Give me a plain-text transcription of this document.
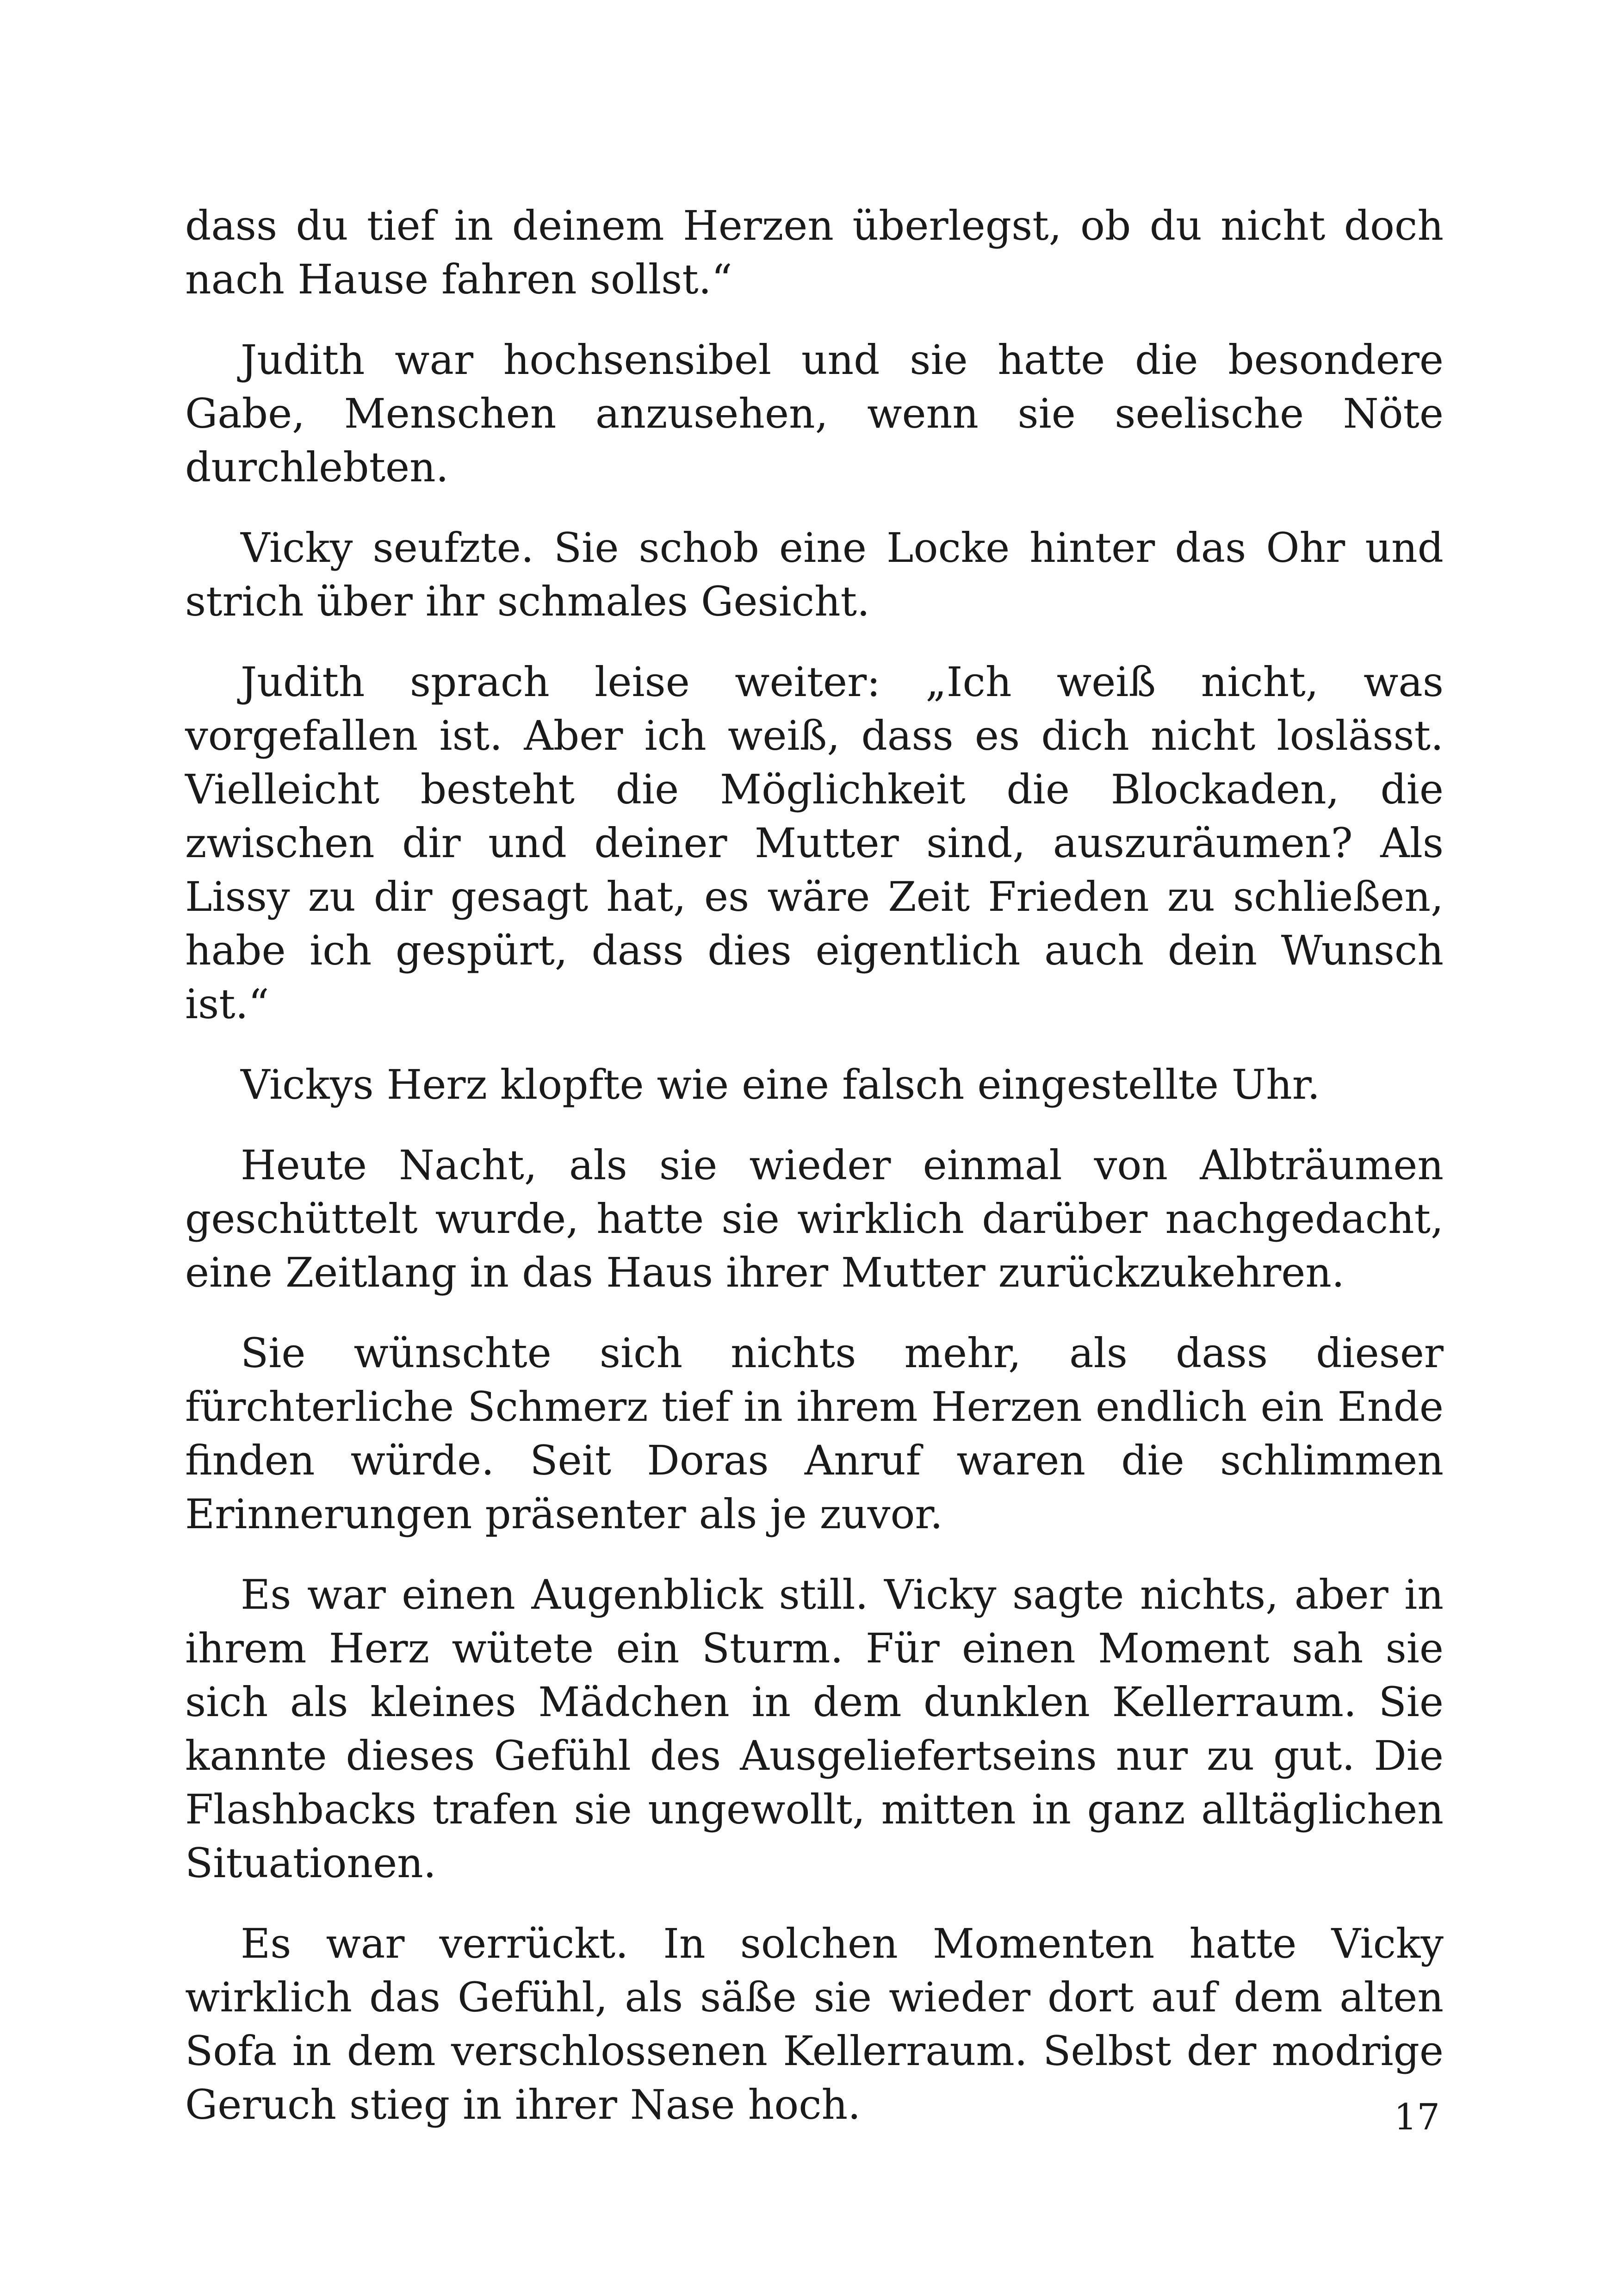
dass du tief in deinem Herzen überlegst, ob du nicht doch nach Hause fahren sollst.“

Judith war hochsensibel und sie hatte die besondere Gabe, Menschen anzusehen, wenn sie seelische Nöte durchlebten.

Vicky seufzte. Sie schob eine Locke hinter das Ohr und strich über ihr schmales Gesicht.

Judith sprach leise weiter: „Ich weiß nicht, was vorgefallen ist. Aber ich weiß, dass es dich nicht loslässt. Vielleicht besteht die Möglichkeit die Blockaden, die zwischen dir und deiner Mutter sind, auszuräumen? Als Lissy zu dir gesagt hat, es wäre Zeit Frieden zu schließen, habe ich gespürt, dass dies eigentlich auch dein Wunsch ist.“

Vickys Herz klopfte wie eine falsch eingestellte Uhr.

Heute Nacht, als sie wieder einmal von Albträumen geschüttelt wurde, hatte sie wirklich darüber nachgedacht, eine Zeitlang in das Haus ihrer Mutter zurückzukehren.

Sie wünschte sich nichts mehr, als dass dieser fürchterliche Schmerz tief in ihrem Herzen endlich ein Ende finden würde. Seit Doras Anruf waren die schlimmen Erinnerungen präsenter als je zuvor.

Es war einen Augenblick still. Vicky sagte nichts, aber in ihrem Herz wütete ein Sturm. Für einen Moment sah sie sich als kleines Mädchen in dem dunklen Kellerraum. Sie kannte dieses Gefühl des Ausgeliefertseins nur zu gut. Die Flashbacks trafen sie ungewollt, mitten in ganz alltäglichen Situationen.

Es war verrückt. In solchen Momenten hatte Vicky wirklich das Gefühl, als säße sie wieder dort auf dem alten Sofa in dem verschlossenen Kellerraum. Selbst der modrige Geruch stieg in ihrer Nase hoch.	17
